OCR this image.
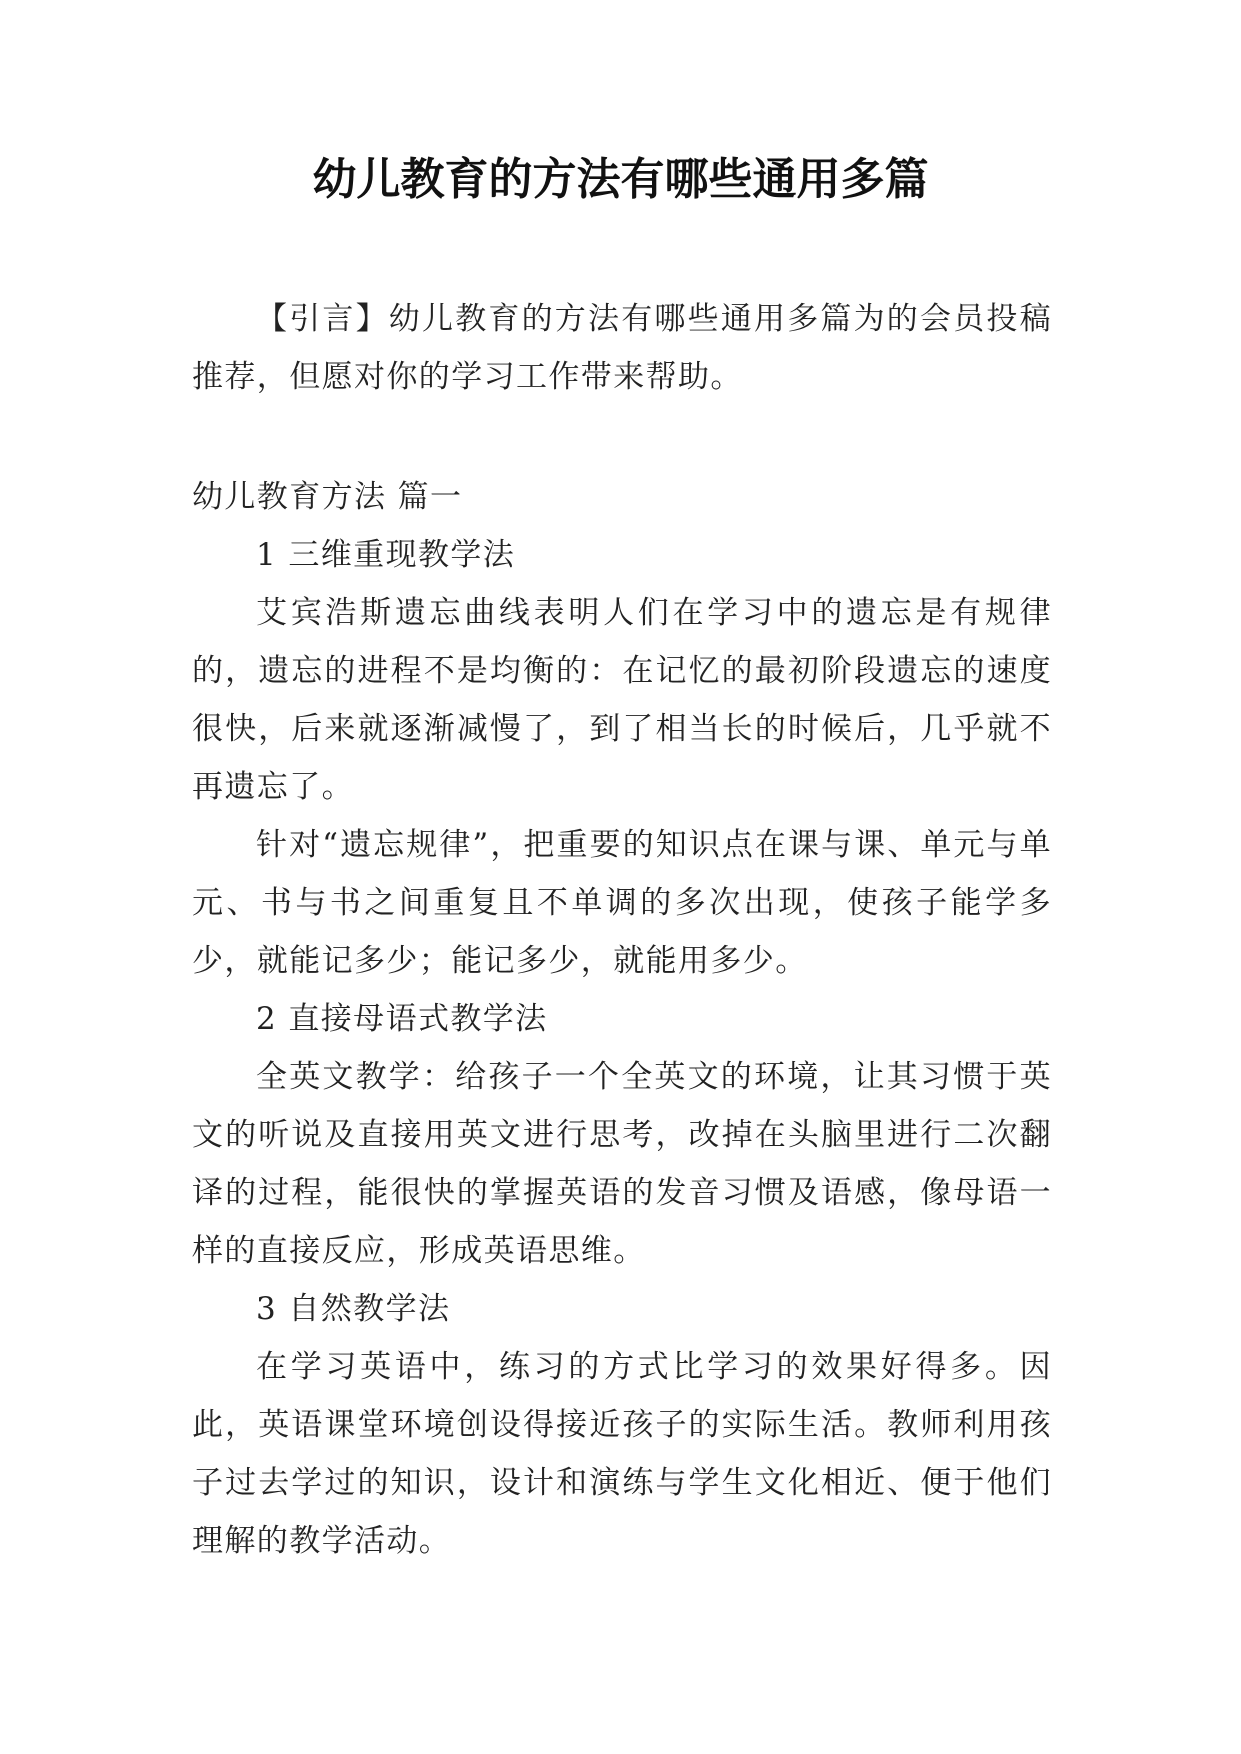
幼儿教育的方法有哪些通用多篇

【引言】幼儿教育的方法有哪些通用多篇为的会员投稿推荐，但愿对你的学习工作带来帮助。

幼儿教育方法 篇一

1 三维重现教学法

艾宾浩斯遗忘曲线表明人们在学习中的遗忘是有规律的，遗忘的进程不是均衡的：在记忆的最初阶段遗忘的速度很快，后来就逐渐减慢了，到了相当长的时候后，几乎就不再遗忘了。

针对“遗忘规律”，把重要的知识点在课与课、单元与单元、书与书之间重复且不单调的多次出现，使孩子能学多少，就能记多少；能记多少，就能用多少。

2 直接母语式教学法

全英文教学：给孩子一个全英文的环境，让其习惯于英文的听说及直接用英文进行思考，改掉在头脑里进行二次翻译的过程，能很快的掌握英语的发音习惯及语感，像母语一样的直接反应，形成英语思维。

3 自然教学法

在学习英语中，练习的方式比学习的效果好得多。因此，英语课堂环境创设得接近孩子的实际生活。教师利用孩子过去学过的知识，设计和演练与学生文化相近、便于他们理解的教学活动。
